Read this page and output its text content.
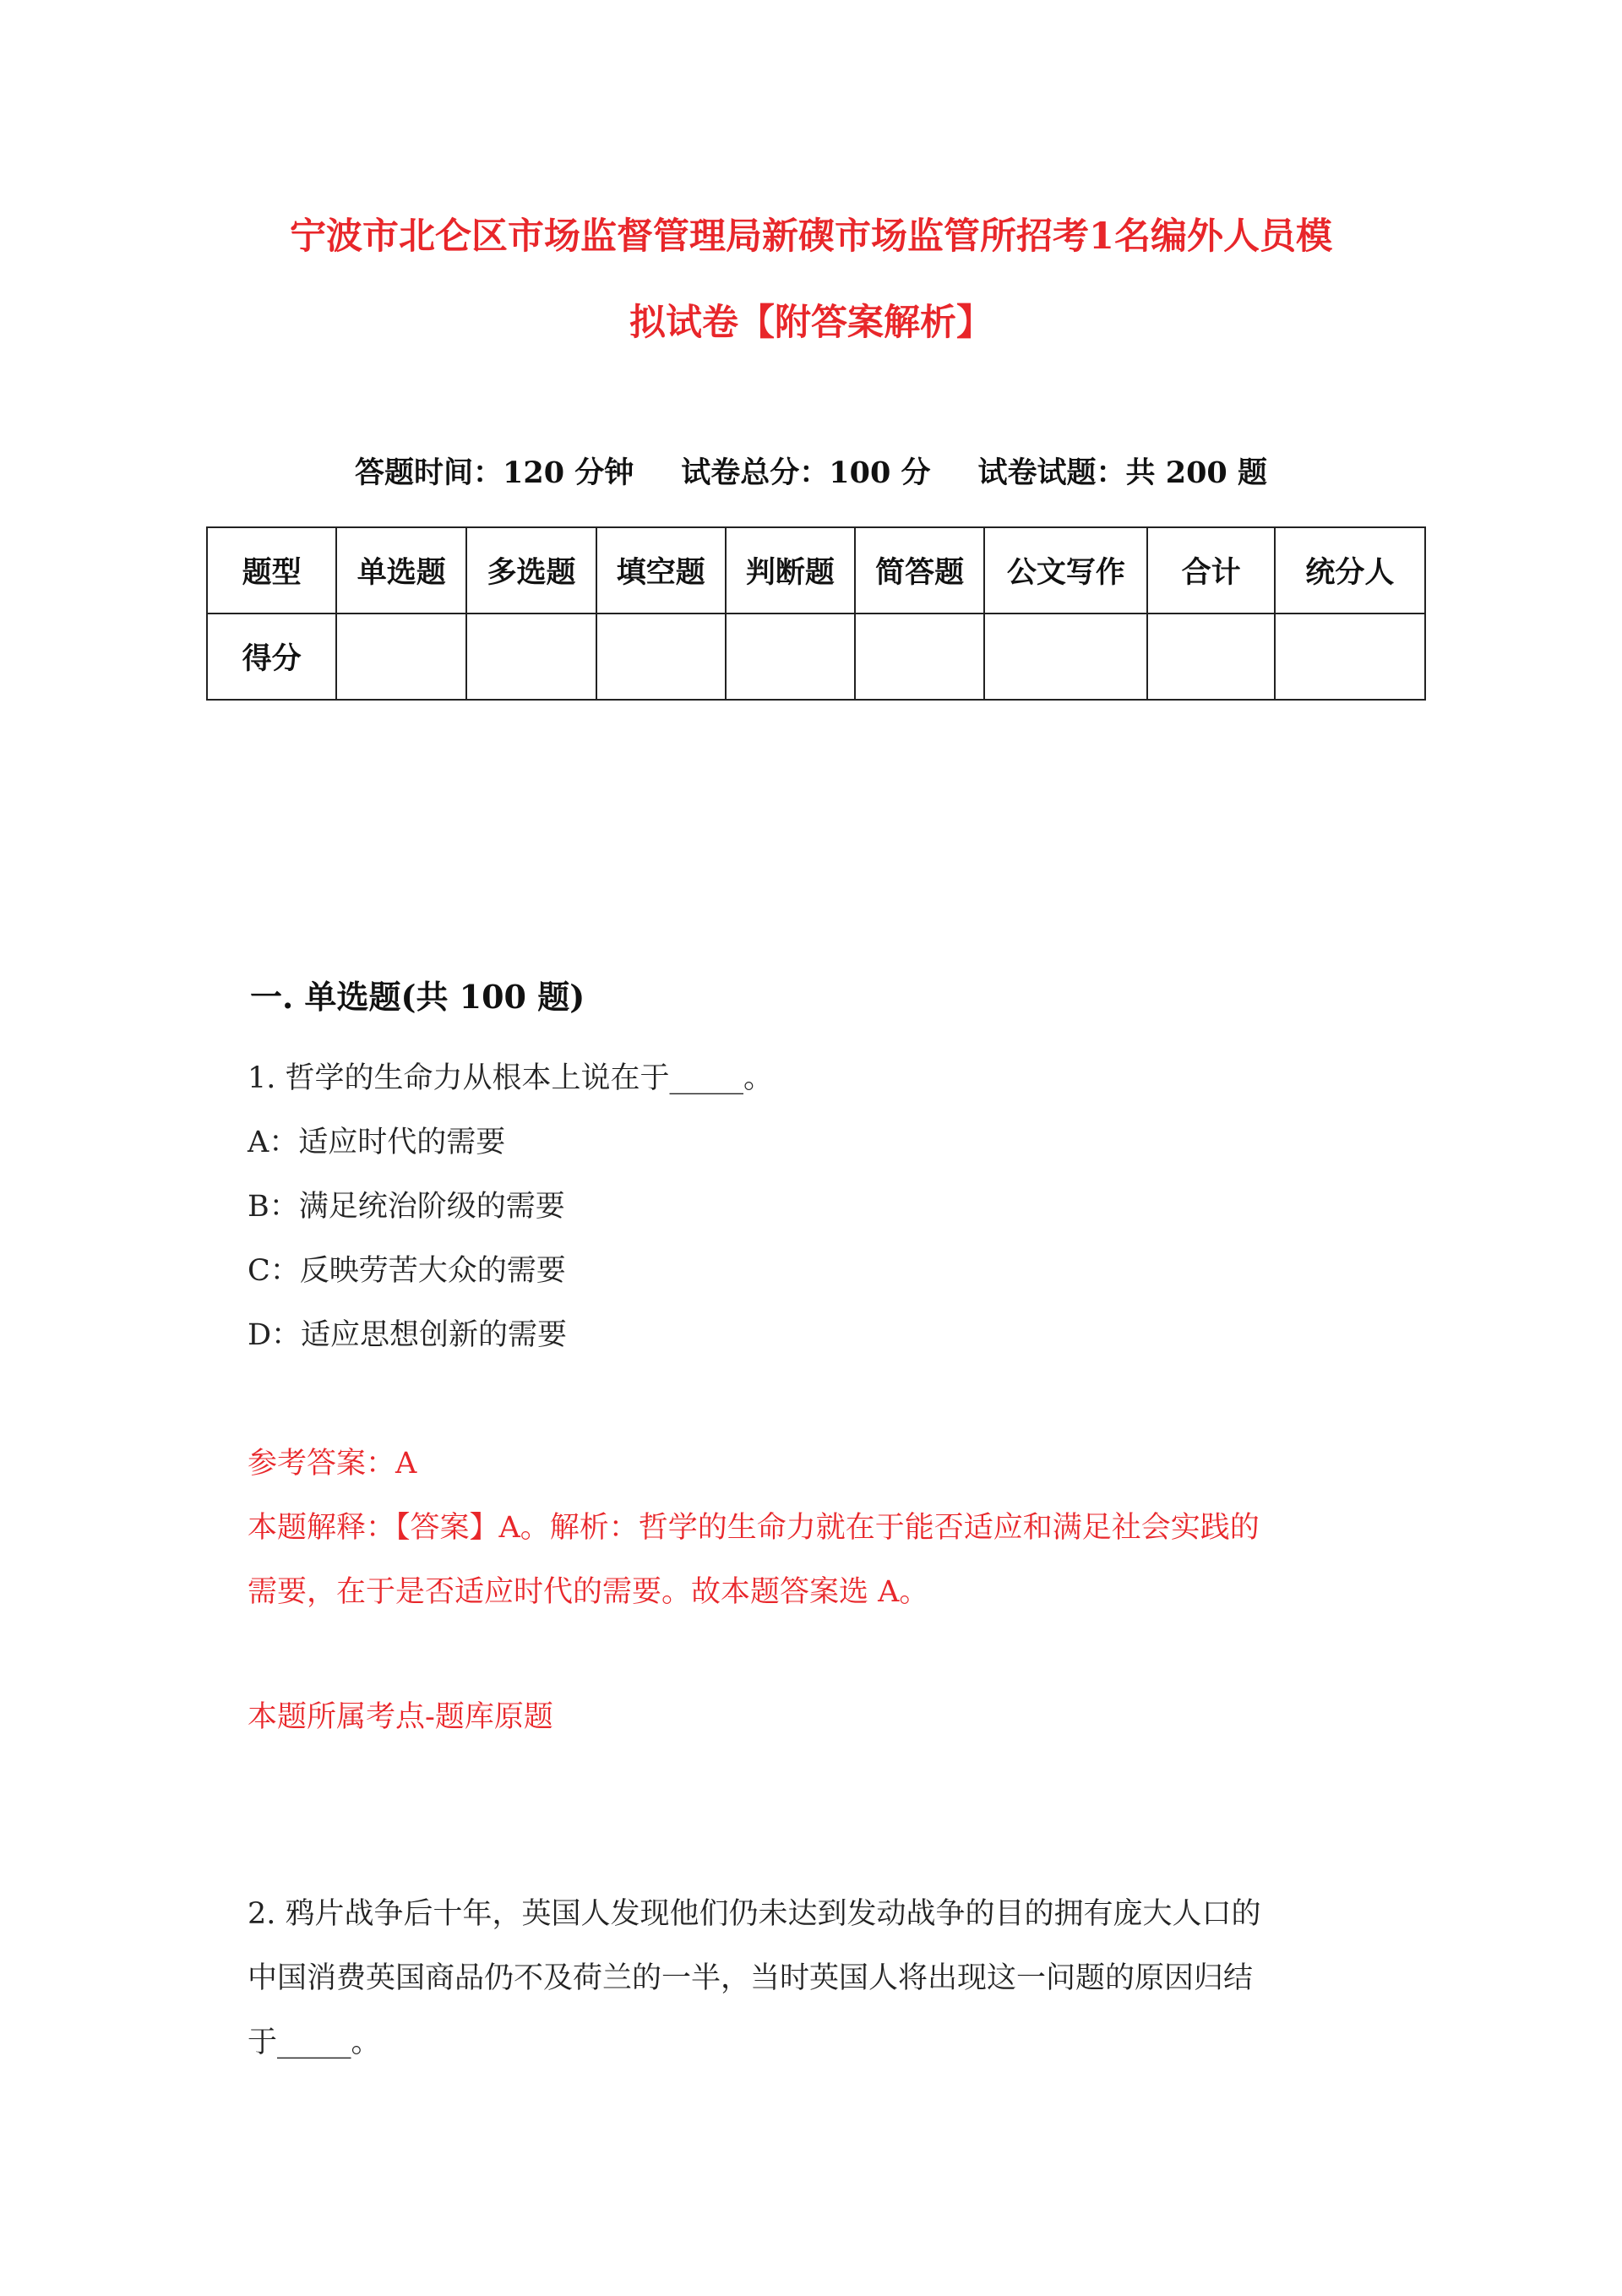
宁波市北仑区市场监督管理局新碶市场监管所招考1名编外人员模
拟试卷【附答案解析】
答题时间：120 分钟 试卷总分：100 分 试卷试题：共 200 题
题型	单选题	多选题	填空题	判断题	简答题	公文写作	合计	统分人
得分								
一. 单选题(共 100 题)
1. 哲学的生命力从根本上说在于_____。
A：适应时代的需要
B：满足统治阶级的需要
C：反映劳苦大众的需要
D：适应思想创新的需要
参考答案：A
本题解释：【答案】A。解析：哲学的生命力就在于能否适应和满足社会实践的
需要，在于是否适应时代的需要。故本题答案选 A。
本题所属考点-题库原题
2. 鸦片战争后十年，英国人发现他们仍未达到发动战争的目的拥有庞大人口的
中国消费英国商品仍不及荷兰的一半，当时英国人将出现这一问题的原因归结
于_____。
